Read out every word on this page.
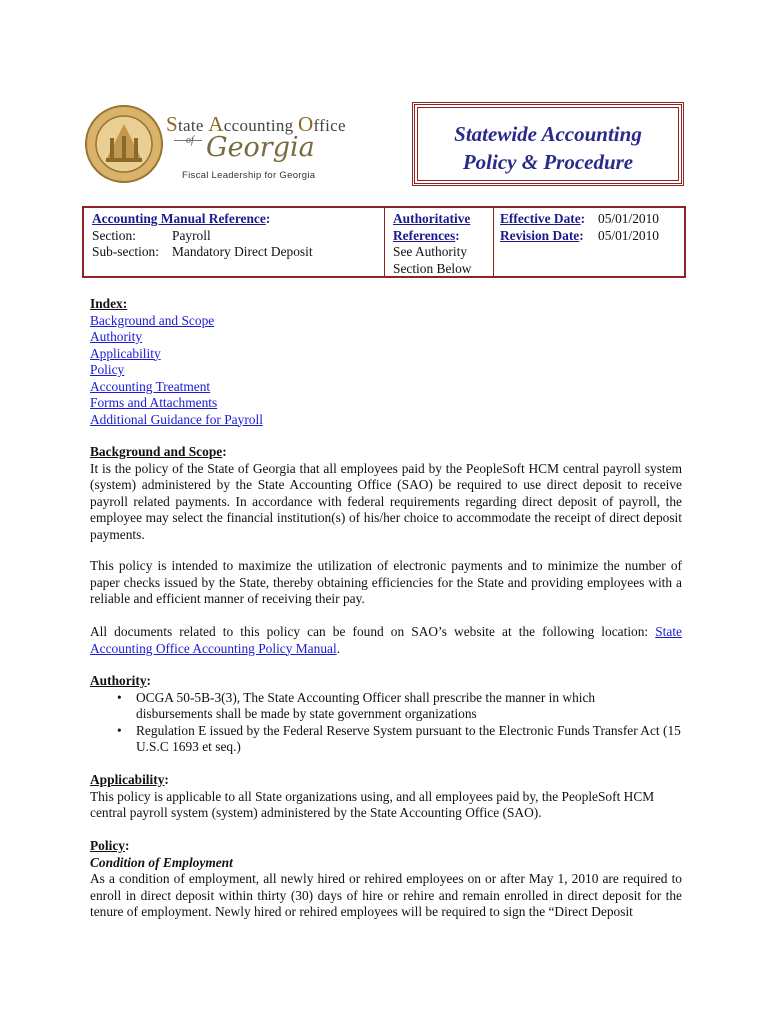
State Accounting Office
of Georgia
Fiscal Leadership for Georgia
Statewide Accounting
Policy & Procedure
Accounting Manual Reference:
Section:	Payroll
Sub-section: Mandatory Direct Deposit
Authoritative
References:
See Authority
Section Below
Effective Date: 05/01/2010
Revision Date:	05/01/2010
Index:
Background and Scope
Authority
Applicability
Policy
Accounting Treatment
Forms and Attachments
Additional Guidance for Payroll
Background and Scope:
It is the policy of the State of Georgia that all employees paid by the PeopleSoft HCM central payroll system (system) administered by the State Accounting Office (SAO) be required to use direct deposit to receive payroll related payments. In accordance with federal requirements regarding direct deposit of payroll, the employee may select the financial institution(s) of his/her choice to accommodate the receipt of direct deposit payments.
This policy is intended to maximize the utilization of electronic payments and to minimize the number of paper checks issued by the State, thereby obtaining efficiencies for the State and providing employees with a reliable and efficient manner of receiving their pay.
All documents related to this policy can be found on SAO’s website at the following location: State Accounting Office Accounting Policy Manual.
Authority:
• OCGA 50-5B-3(3), The State Accounting Officer shall prescribe the manner in which disbursements shall be made by state government organizations
• Regulation E issued by the Federal Reserve System pursuant to the Electronic Funds Transfer Act (15 U.S.C 1693 et seq.)
Applicability:
This policy is applicable to all State organizations using, and all employees paid by, the PeopleSoft HCM central payroll system (system) administered by the State Accounting Office (SAO).
Policy:
Condition of Employment
As a condition of employment, all newly hired or rehired employees on or after May 1, 2010 are required to enroll in direct deposit within thirty (30) days of hire or rehire and remain enrolled in direct deposit for the tenure of employment. Newly hired or rehired employees will be required to sign the “Direct Deposit
